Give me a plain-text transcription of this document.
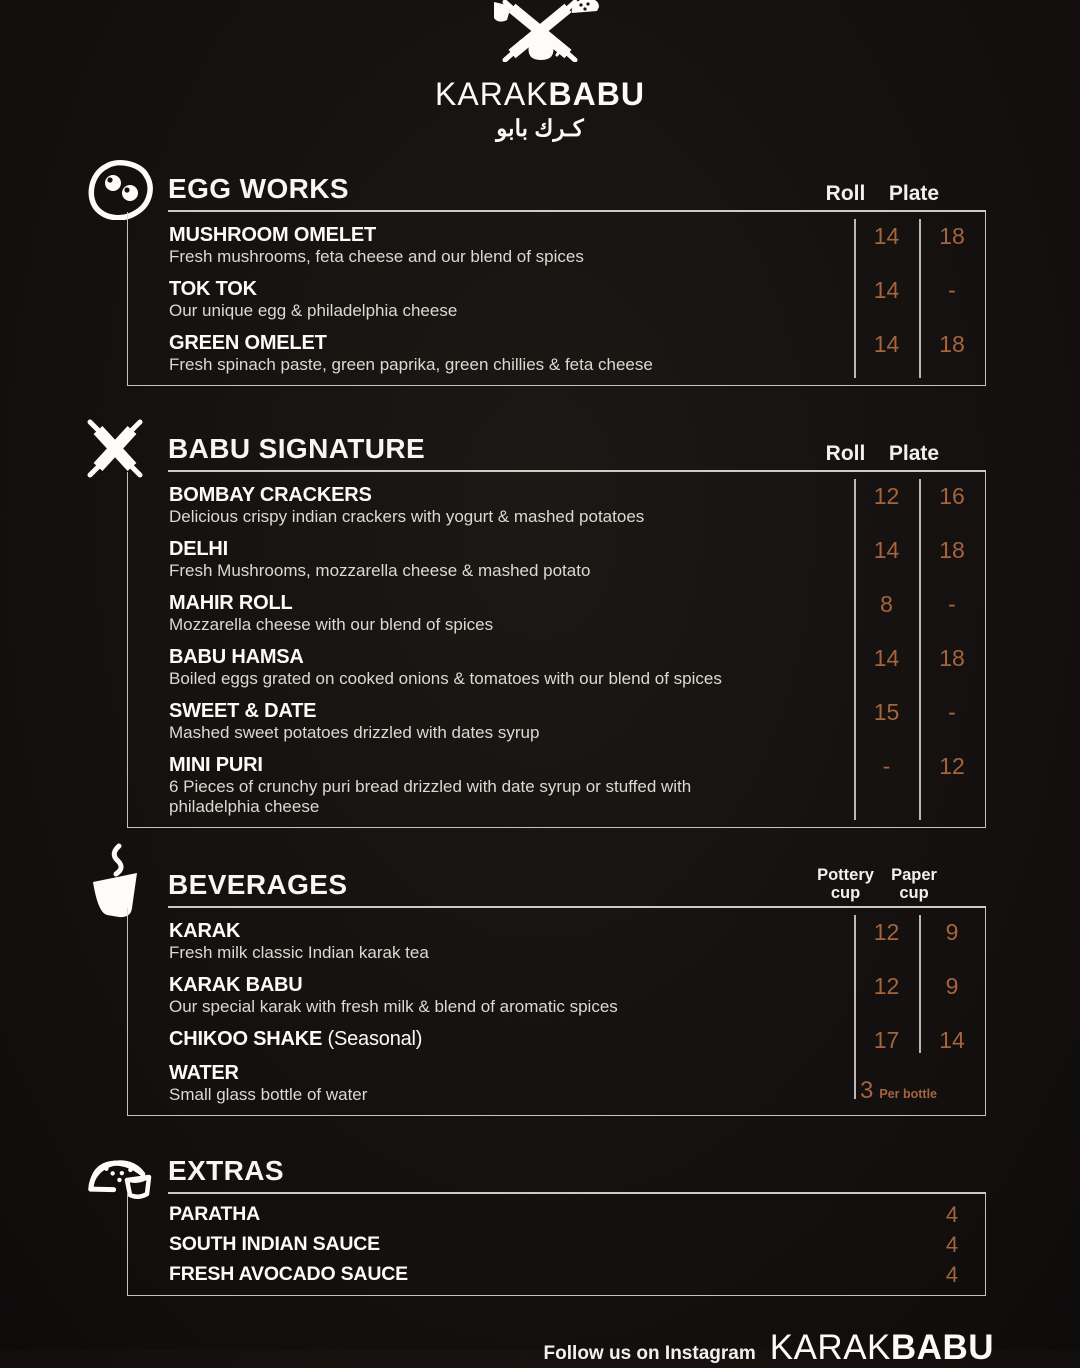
KARAKBABU
كـرك بابو
EGG WORKS	Roll	Plate
MUSHROOM OMELET
Fresh mushrooms, feta cheese and our blend of spices
14	18
TOK TOK
Our unique egg & philadelphia cheese
14	-
GREEN OMELET
Fresh spinach paste, green paprika, green chillies & feta cheese
14	18
BABU SIGNATURE	Roll	Plate
BOMBAY CRACKERS
Delicious crispy indian crackers with yogurt & mashed potatoes
12	16
DELHI
Fresh Mushrooms, mozzarella cheese & mashed potato
14	18
MAHIR ROLL
Mozzarella cheese with our blend of spices
8	-
BABU HAMSA
Boiled eggs grated on cooked onions & tomatoes with our blend of spices
14	18
SWEET & DATE
Mashed sweet potatoes drizzled with dates syrup
15	-
MINI PURI
6 Pieces of crunchy puri bread drizzled with date syrup or stuffed with
philadelphia cheese
-	12
BEVERAGES	Pottery cup
Paper cup
KARAK
Fresh milk classic Indian karak tea
12	9
KARAK BABU
Our special karak with fresh milk & blend of aromatic spices
12	9
CHIKOO SHAKE (Seasonal)	17	14
WATER
Small glass bottle of water	3 Per bottle
EXTRAS
PARATHA	4
SOUTH INDIAN SAUCE	4
FRESH AVOCADO SAUCE	4
Follow us on Instagram KARAKBABU
